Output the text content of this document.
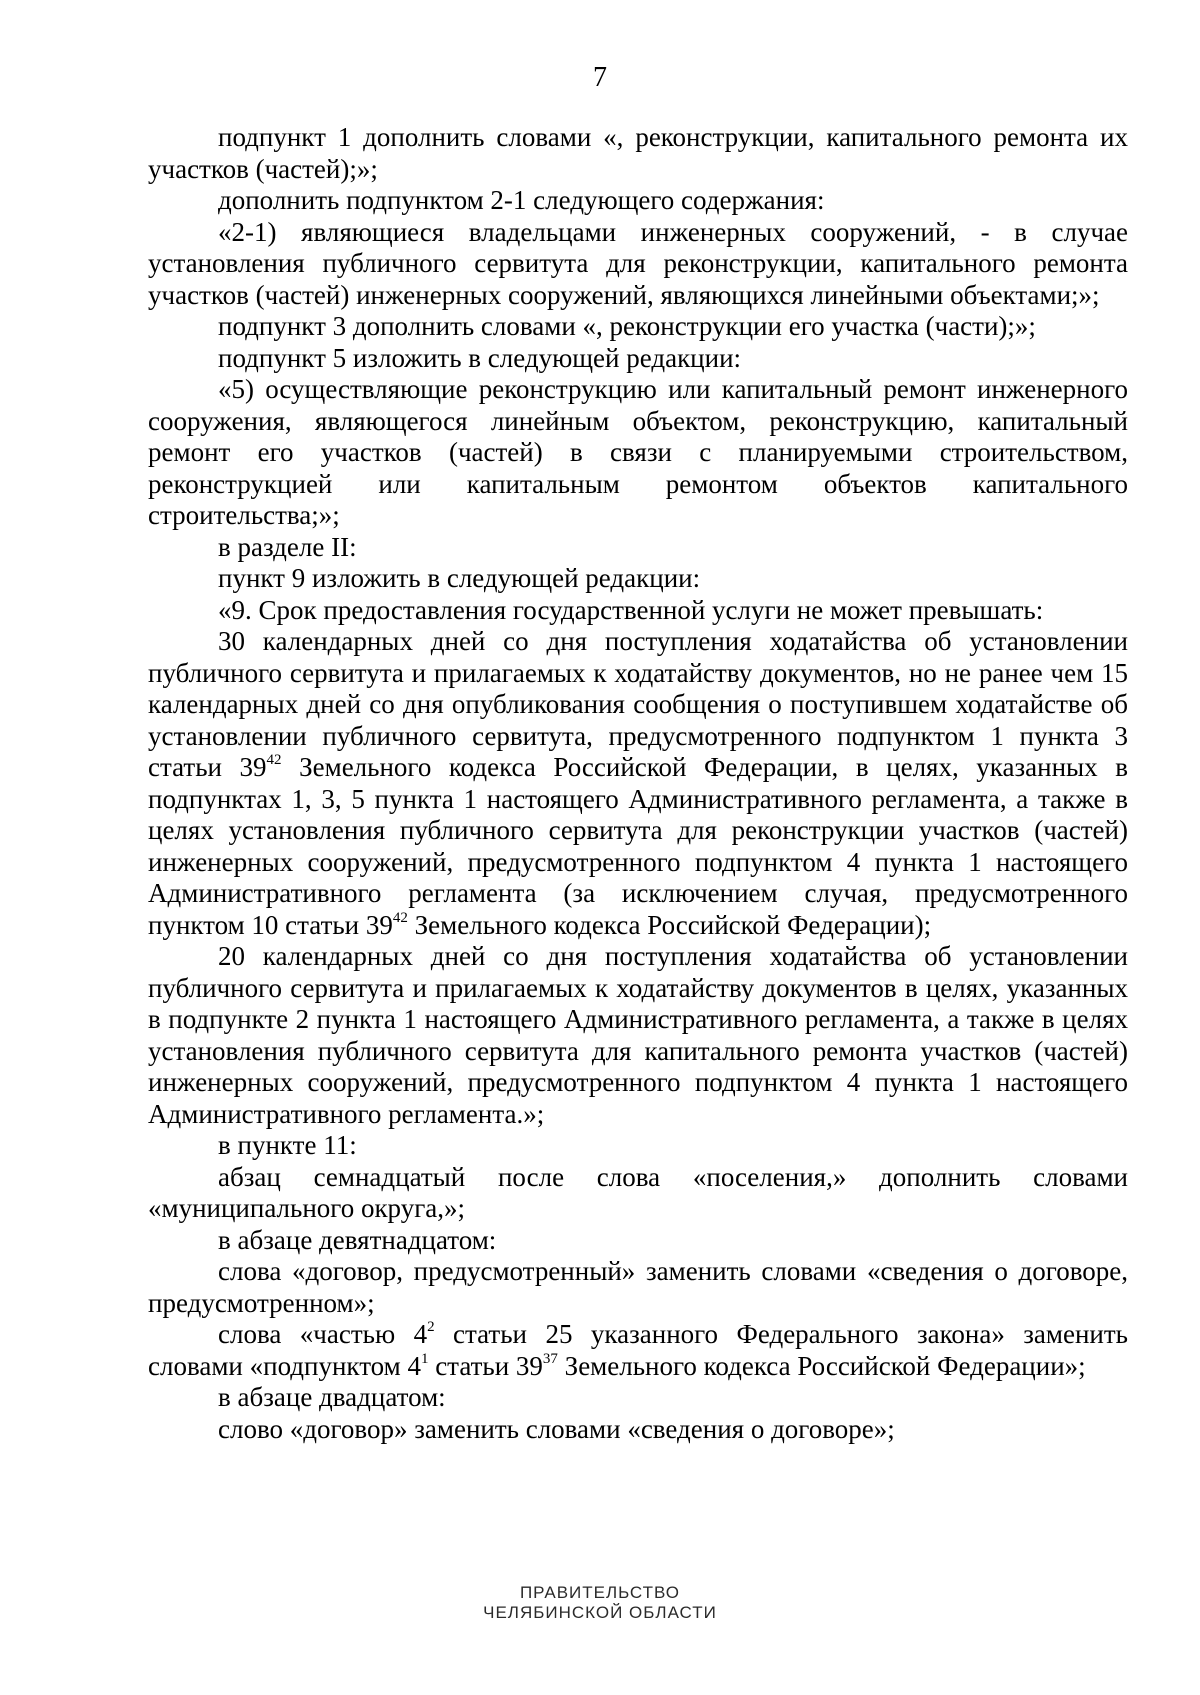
7

подпункт 1 дополнить словами «, реконструкции, капитального ремонта их участков (частей);»;

дополнить подпунктом 2-1 следующего содержания:

«2-1) являющиеся владельцами инженерных сооружений, - в случае установления публичного сервитута для реконструкции, капитального ремонта участков (частей) инженерных сооружений, являющихся линейными объектами;»;

подпункт 3 дополнить словами «, реконструкции его участка (части);»;

подпункт 5 изложить в следующей редакции:

«5) осуществляющие реконструкцию или капитальный ремонт инженерного сооружения, являющегося линейным объектом, реконструкцию, капитальный ремонт его участков (частей) в связи с планируемыми строительством, реконструкцией или капитальным ремонтом объектов капитального строительства;»;

в разделе II:

пункт 9 изложить в следующей редакции:

«9. Срок предоставления государственной услуги не может превышать:

30 календарных дней со дня поступления ходатайства об установлении публичного сервитута и прилагаемых к ходатайству документов, но не ранее чем 15 календарных дней со дня опубликования сообщения о поступившем ходатайстве об установлении публичного сервитута, предусмотренного подпунктом 1 пункта 3 статьи $39^{42}$ Земельного кодекса Российской Федерации, в целях, указанных в подпунктах 1, 3, 5 пункта 1 настоящего Административного регламента, а также в целях установления публичного сервитута для реконструкции участков (частей) инженерных сооружений, предусмотренного подпунктом 4 пункта 1 настоящего Административного регламента (за исключением случая, предусмотренного пунктом 10 статьи $39^{42}$ Земельного кодекса Российской Федерации);

20 календарных дней со дня поступления ходатайства об установлении публичного сервитута и прилагаемых к ходатайству документов в целях, указанных в подпункте 2 пункта 1 настоящего Административного регламента, а также в целях установления публичного сервитута для капитального ремонта участков (частей) инженерных сооружений, предусмотренного подпунктом 4 пункта 1 настоящего Административного регламента.»;

в пункте 11:

абзац семнадцатый после слова «поселения,» дополнить словами «муниципального округа,»;

в абзаце девятнадцатом:

слова «договор, предусмотренный» заменить словами «сведения о договоре, предусмотренном»;

слова «частью $4^2$ статьи 25 указанного Федерального закона» заменить словами «подпунктом $4^1$ статьи $39^{37}$ Земельного кодекса Российской Федерации»;

в абзаце двадцатом:

слово «договор» заменить словами «сведения о договоре»;

ПРАВИТЕЛЬСТВО
ЧЕЛЯБИНСКОЙ ОБЛАСТИ
